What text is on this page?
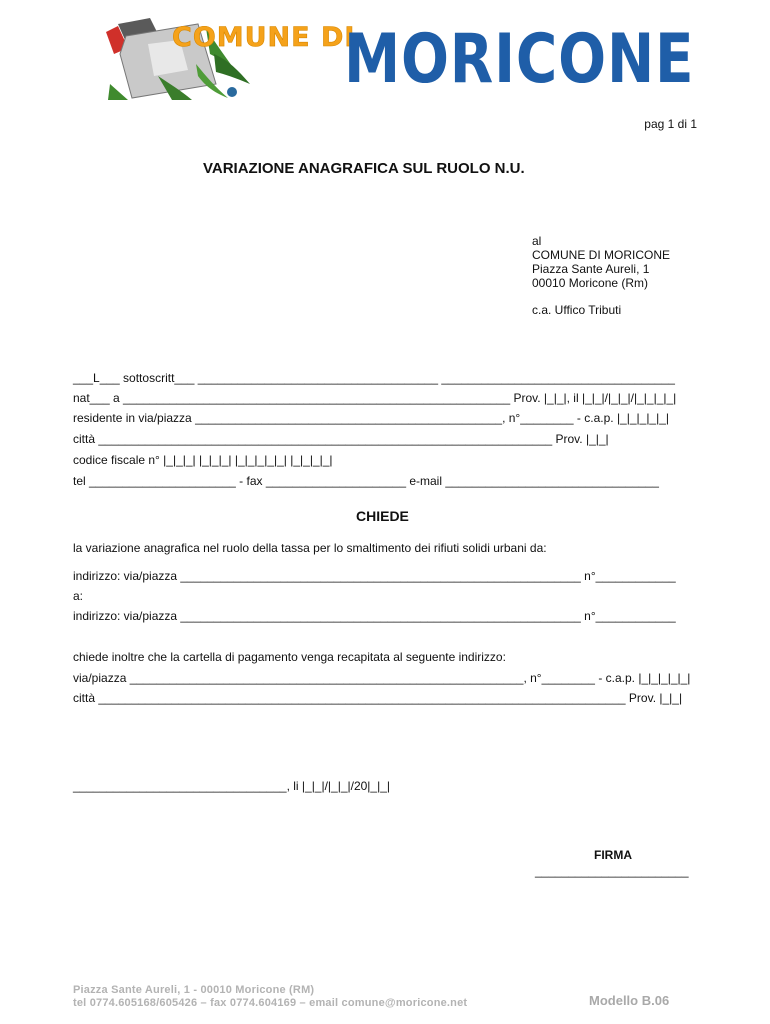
COMUNE DI
MORICONE
pag 1 di 1
VARIAZIONE ANAGRAFICA SUL RUOLO N.U.
al
COMUNE DI MORICONE
Piazza Sante Aureli, 1
00010 Moricone (Rm)
c.a. Uffico Tributi
___L___ sottoscritt___ ____________________________________ ___________________________________
nat___ a __________________________________________________________ Prov. |_|_|, il |_|_|/|_|_|/|_|_|_|_|
residente in via/piazza ______________________________________________, n°________ - c.a.p. |_|_|_|_|_|
città ____________________________________________________________________ Prov. |_|_|
codice fiscale n° |_|_|_| |_|_|_| |_|_|_|_|_| |_|_|_|_|
tel ______________________ - fax _____________________ e-mail ________________________________
CHIEDE
la variazione anagrafica nel ruolo della tassa per lo smaltimento dei rifiuti solidi urbani da:
indirizzo: via/piazza ____________________________________________________________ n°____________
a:
indirizzo: via/piazza ____________________________________________________________ n°____________
chiede inoltre che la cartella di pagamento venga recapitata al seguente indirizzo:
via/piazza ___________________________________________________________, n°________ - c.a.p. |_|_|_|_|_|
città _______________________________________________________________________________ Prov. |_|_|
________________________________, li |_|_|/|_|_|/20|_|_|
FIRMA
_______________________
Piazza Sante Aureli, 1 - 00010 Moricone (RM)
tel 0774.605168/605426 – fax 0774.604169 – email comune@moricone.net	Modello B.06
